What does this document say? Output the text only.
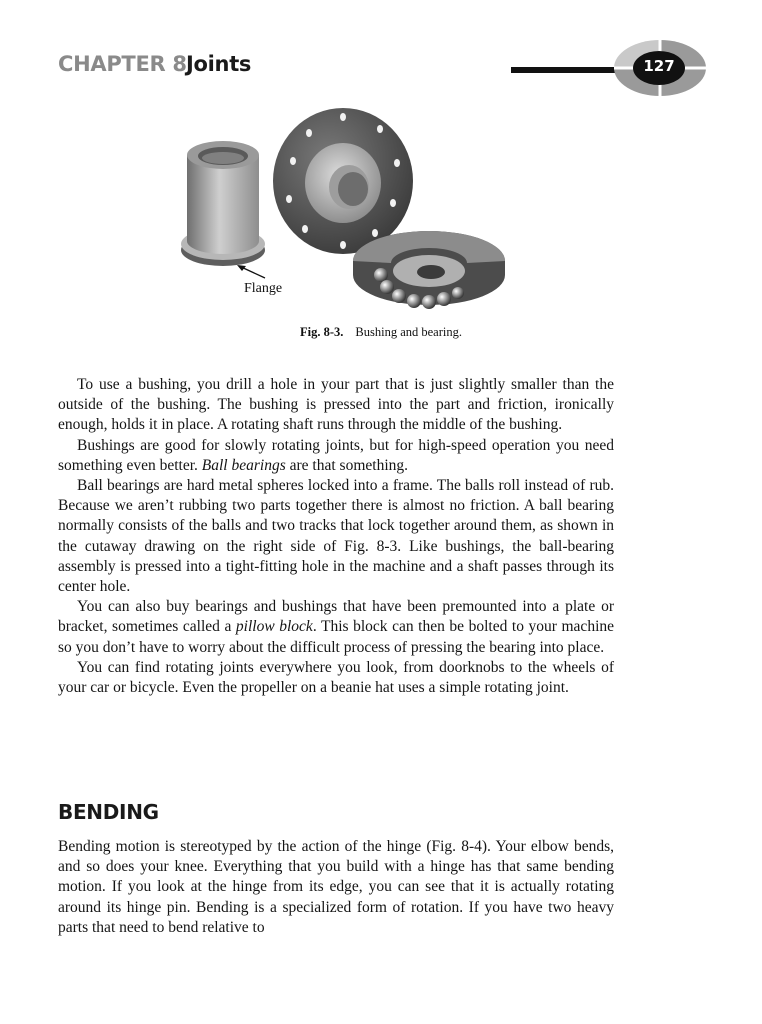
CHAPTER 8 Joints	127
Flange
Fig. 8-3. Bushing and bearing.

To use a bushing, you drill a hole in your part that is just slightly smaller than the outside of the bushing. The bushing is pressed into the part and friction, ironically enough, holds it in place. A rotating shaft runs through the middle of the bushing.

Bushings are good for slowly rotating joints, but for high-speed operation you need something even better. Ball bearings are that something.

Ball bearings are hard metal spheres locked into a frame. The balls roll instead of rub. Because we aren’t rubbing two parts together there is almost no friction. A ball bearing normally consists of the balls and two tracks that lock together around them, as shown in the cutaway drawing on the right side of Fig. 8-3. Like bushings, the ball-bearing assembly is pressed into a tight-fitting hole in the machine and a shaft passes through its center hole.

You can also buy bearings and bushings that have been premounted into a plate or bracket, sometimes called a pillow block. This block can then be bolted to your machine so you don’t have to worry about the difficult process of pressing the bearing into place.

You can find rotating joints everywhere you look, from doorknobs to the wheels of your car or bicycle. Even the propeller on a beanie hat uses a simple rotating joint.

BENDING

Bending motion is stereotyped by the action of the hinge (Fig. 8-4). Your elbow bends, and so does your knee. Everything that you build with a hinge has that same bending motion. If you look at the hinge from its edge, you can see that it is actually rotating around its hinge pin. Bending is a specialized form of rotation. If you have two heavy parts that need to bend relative to
